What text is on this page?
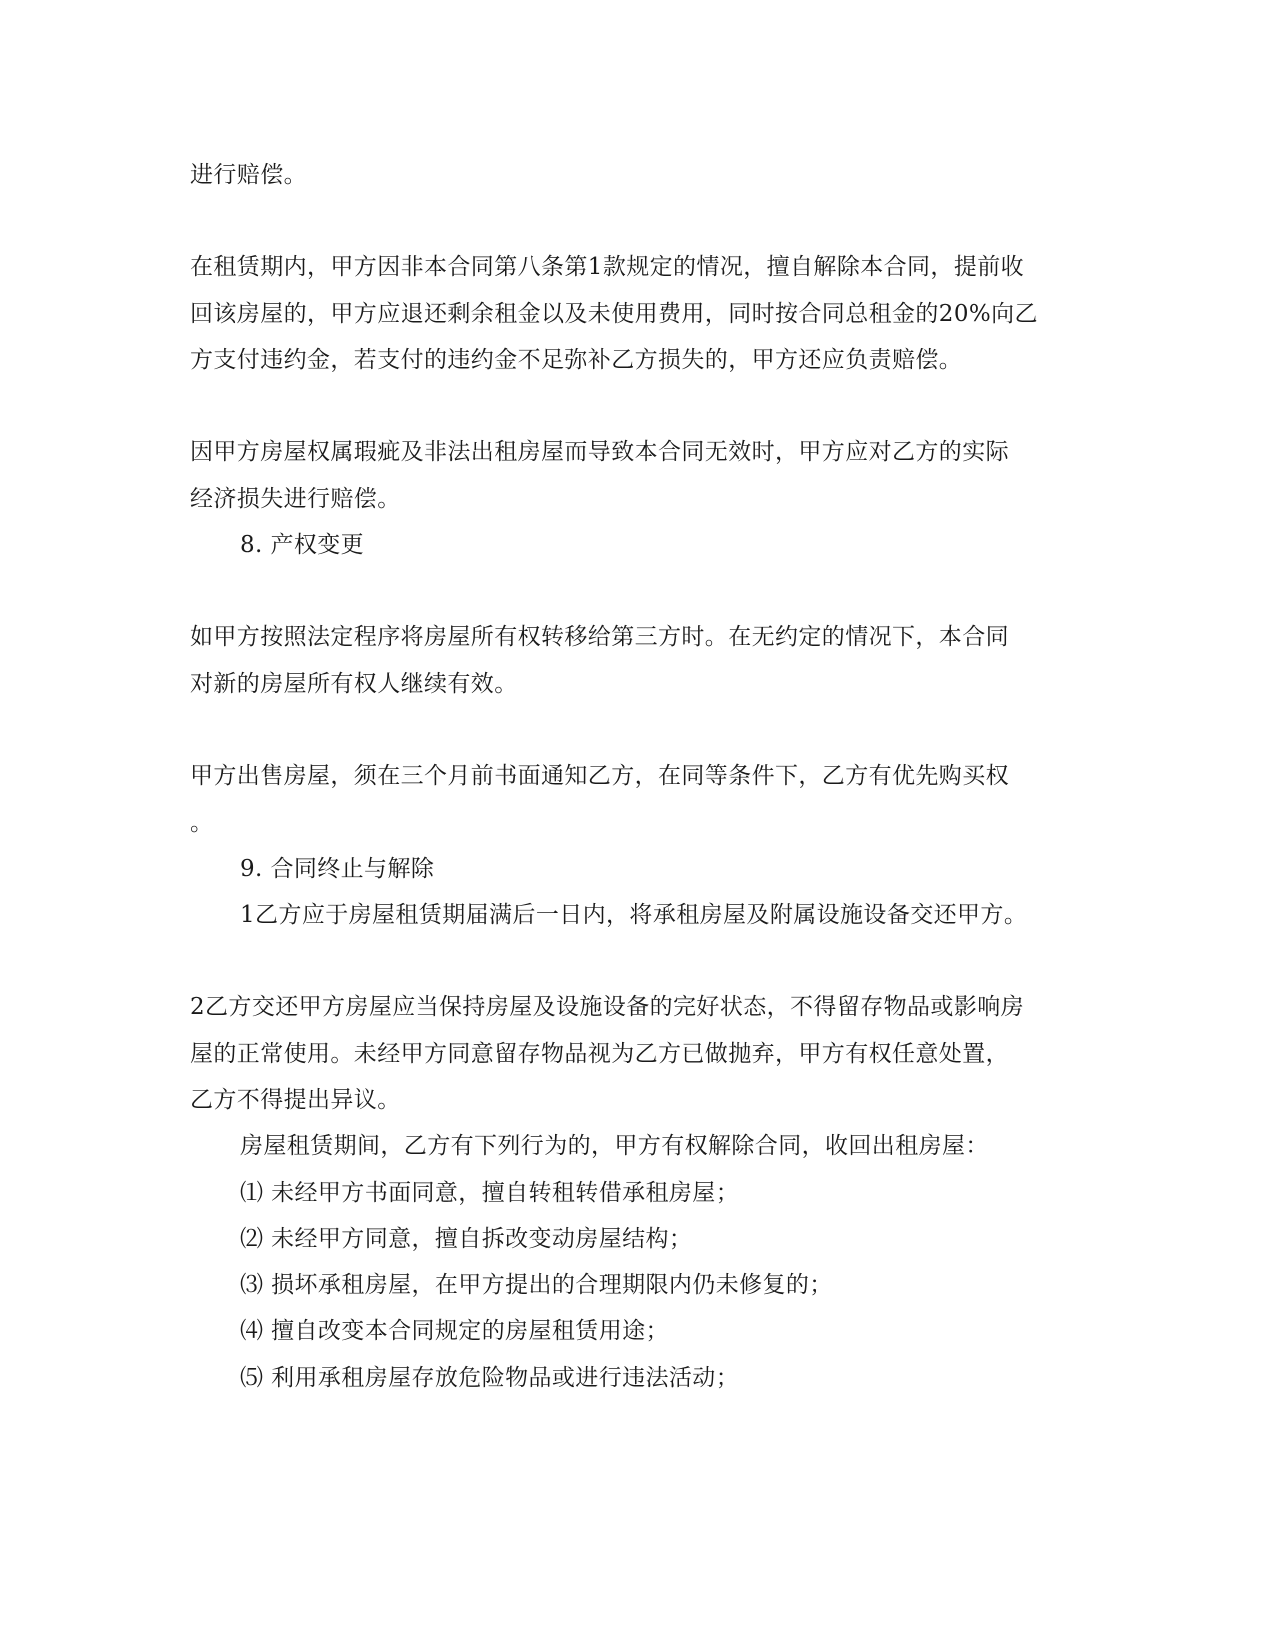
进行赔偿。
在租赁期内，甲方因非本合同第八条第1款规定的情况，擅自解除本合同，提前收
回该房屋的，甲方应退还剩余租金以及未使用费用，同时按合同总租金的20%向乙
方支付违约金，若支付的违约金不足弥补乙方损失的，甲方还应负责赔偿。
因甲方房屋权属瑕疵及非法出租房屋而导致本合同无效时，甲方应对乙方的实际
经济损失进行赔偿。
8. 产权变更
如甲方按照法定程序将房屋所有权转移给第三方时。在无约定的情况下，本合同
对新的房屋所有权人继续有效。
甲方出售房屋，须在三个月前书面通知乙方，在同等条件下，乙方有优先购买权
。
9. 合同终止与解除
1乙方应于房屋租赁期届满后一日内，将承租房屋及附属设施设备交还甲方。
2乙方交还甲方房屋应当保持房屋及设施设备的完好状态，不得留存物品或影响房
屋的正常使用。未经甲方同意留存物品视为乙方已做抛弃，甲方有权任意处置，
乙方不得提出异议。
房屋租赁期间，乙方有下列行为的，甲方有权解除合同，收回出租房屋：
⑴ 未经甲方书面同意，擅自转租转借承租房屋；
⑵ 未经甲方同意，擅自拆改变动房屋结构；
⑶ 损坏承租房屋，在甲方提出的合理期限内仍未修复的；
⑷ 擅自改变本合同规定的房屋租赁用途；
⑸ 利用承租房屋存放危险物品或进行违法活动；
